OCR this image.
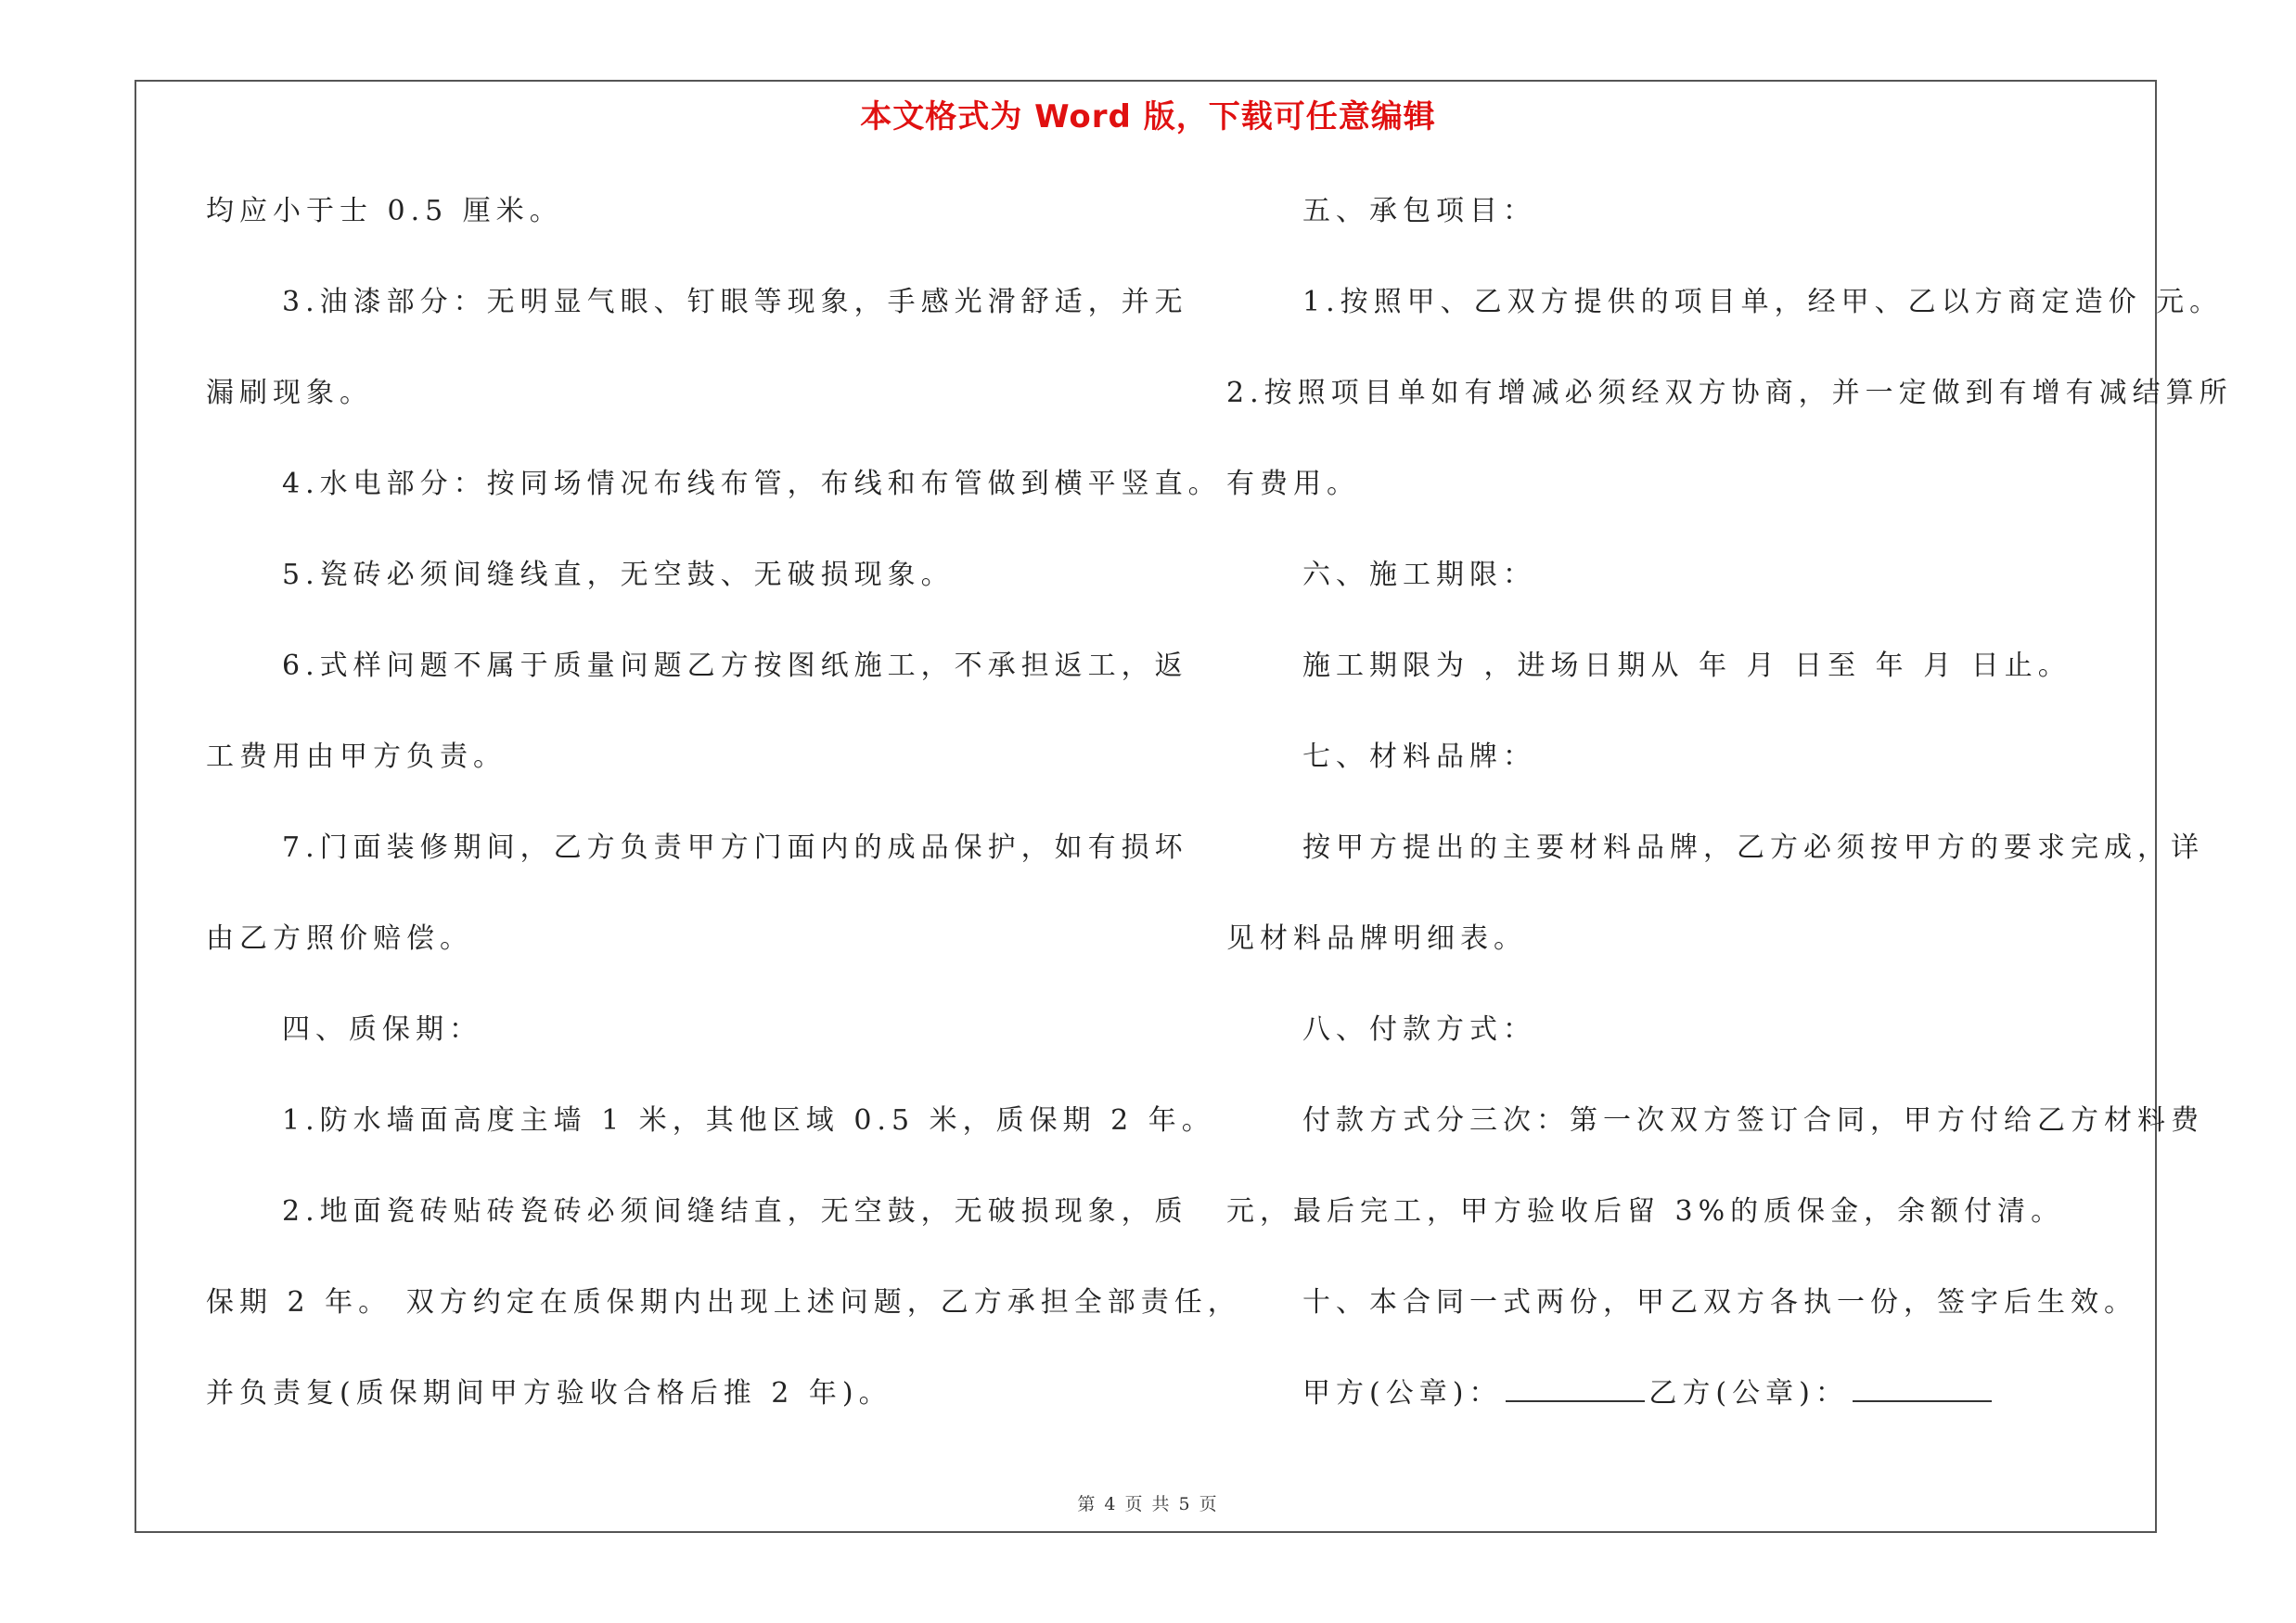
本文格式为 Word 版，下载可任意编辑
均应小于士 0.5 厘米。
3.油漆部分：无明显气眼、钉眼等现象，手感光滑舒适，并无
漏刷现象。
4.水电部分：按同场情况布线布管，布线和布管做到横平竖直。
5.瓷砖必须间缝线直，无空鼓、无破损现象。
6.式样问题不属于质量问题乙方按图纸施工，不承担返工，返
工费用由甲方负责。
7.门面装修期间，乙方负责甲方门面内的成品保护，如有损坏
由乙方照价赔偿。
四、质保期：
1.防水墙面高度主墙 1 米，其他区域 0.5 米，质保期 2 年。
2.地面瓷砖贴砖瓷砖必须间缝结直，无空鼓，无破损现象，质
保期 2 年。 双方约定在质保期内出现上述问题，乙方承担全部责任，
并负责复(质保期间甲方验收合格后推 2 年)。
五、承包项目：
1.按照甲、乙双方提供的项目单，经甲、乙以方商定造价 元。
2.按照项目单如有增减必须经双方协商，并一定做到有增有减结算所
有费用。
六、施工期限：
施工期限为 ，进场日期从 年 月 日至 年 月 日止。
七、材料品牌：
按甲方提出的主要材料品牌，乙方必须按甲方的要求完成，详
见材料品牌明细表。
八、付款方式：
付款方式分三次：第一次双方签订合同，甲方付给乙方材料费
元，最后完工，甲方验收后留 3%的质保金，余额付清。
十、本合同一式两份，甲乙双方各执一份，签字后生效。
甲方(公章)：	乙方(公章)：
第 4 页 共 5 页
